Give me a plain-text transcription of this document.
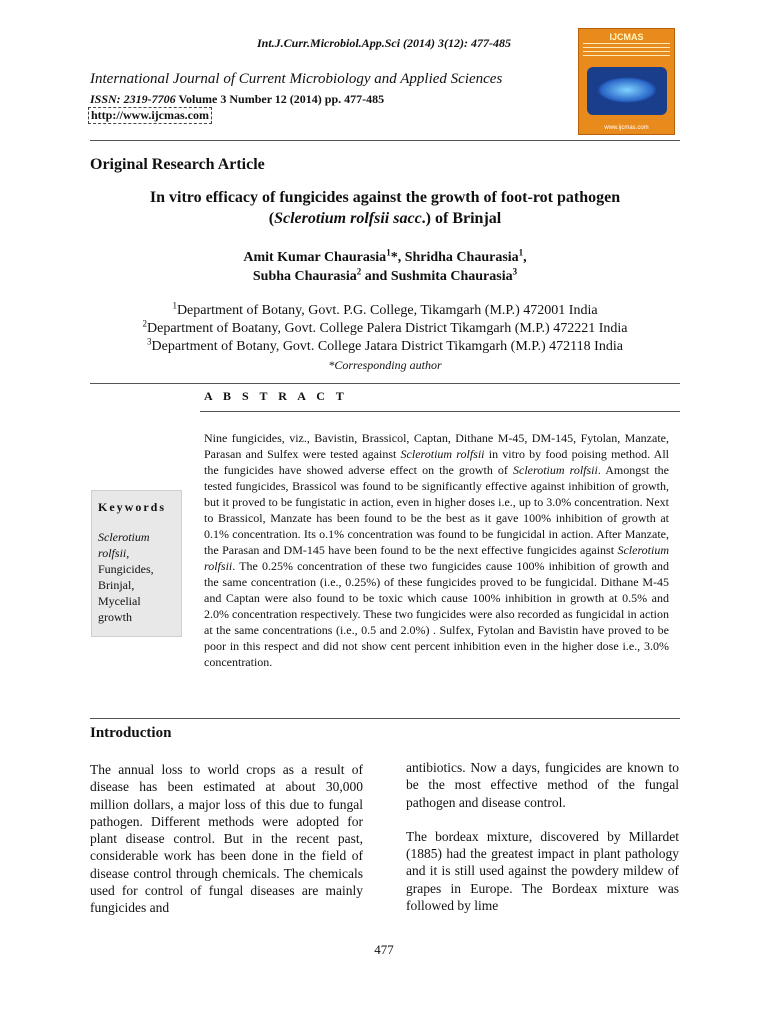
Int.J.Curr.Microbiol.App.Sci (2014) 3(12): 477-485
International Journal of Current Microbiology and Applied Sciences
ISSN: 2319-7706 Volume 3 Number 12 (2014) pp. 477-485
http://www.ijcmas.com
IJCMAS
www.ijcmas.com
Original Research Article
In vitro efficacy of fungicides against the growth of foot-rot pathogen
(Sclerotium rolfsii sacc.) of Brinjal
Amit Kumar Chaurasia$^1$*, Shridha Chaurasia$^1$,
Subha Chaurasia$^2$ and Sushmita Chaurasia$^3$
$^1$Department of Botany, Govt. P.G. College, Tikamgarh (M.P.) 472001 India
$^2$Department of Boatany, Govt. College Palera District Tikamgarh (M.P.) 472221 India
$^3$Department of Botany, Govt. College Jatara District Tikamgarh (M.P.) 472118 India
*Corresponding author
A B S T R A C T
Keywords
Sclerotium rolfsii,
Fungicides,
Brinjal,
Mycelial growth
Nine fungicides, viz., Bavistin, Brassicol, Captan, Dithane M-45, DM-145, Fytolan, Manzate, Parasan and Sulfex were tested against Sclerotium rolfsii in vitro by food poising method. All the fungicides have showed adverse effect on the growth of Sclerotium rolfsii. Amongst the tested fungicides, Brassicol was found to be significantly effective against inhibition of growth, but it proved to be fungistatic in action, even in higher doses i.e., up to 3.0% concentration. Next to Brassicol, Manzate has been found to be the best as it gave 100% inhibition of growth at 0.1% concentration. Its o.1% concentration was found to be fungicidal in action. After Manzate, the Parasan and DM-145 have been found to be the next effective fungicides against Sclerotium rolfsii. The 0.25% concentration of these two fungicides cause 100% inhibition of growth and the same concentration (i.e., 0.25%) of these fungicides proved to be fungicidal. Dithane M-45 and Captan were also found to be toxic which cause 100% inhibition in growth at 0.5% and 2.0% concentration respectively. These two fungicides were also recorded as fungicidal in action at the same concentrations (i.e., 0.5 and 2.0%) . Sulfex, Fytolan and Bavistin have proved to be poor in this respect and did not show cent percent inhibition even in the higher dose i.e., 3.0% concentration.
Introduction

The annual loss to world crops as a result of disease has been estimated at about 30,000 million dollars, a major loss of this due to fungal pathogen. Different methods were adopted for plant disease control. But in the recent past, considerable work has been done in the field of disease control through chemicals. The chemicals used for control of fungal diseases are mainly fungicides and

antibiotics. Now a days, fungicides are known to be the most effective method of the fungal pathogen and disease control.

The bordeax mixture, discovered by Millardet (1885) had the greatest impact in plant pathology and it is still used against the powdery mildew of grapes in Europe. The Bordeax mixture was followed by lime

477
